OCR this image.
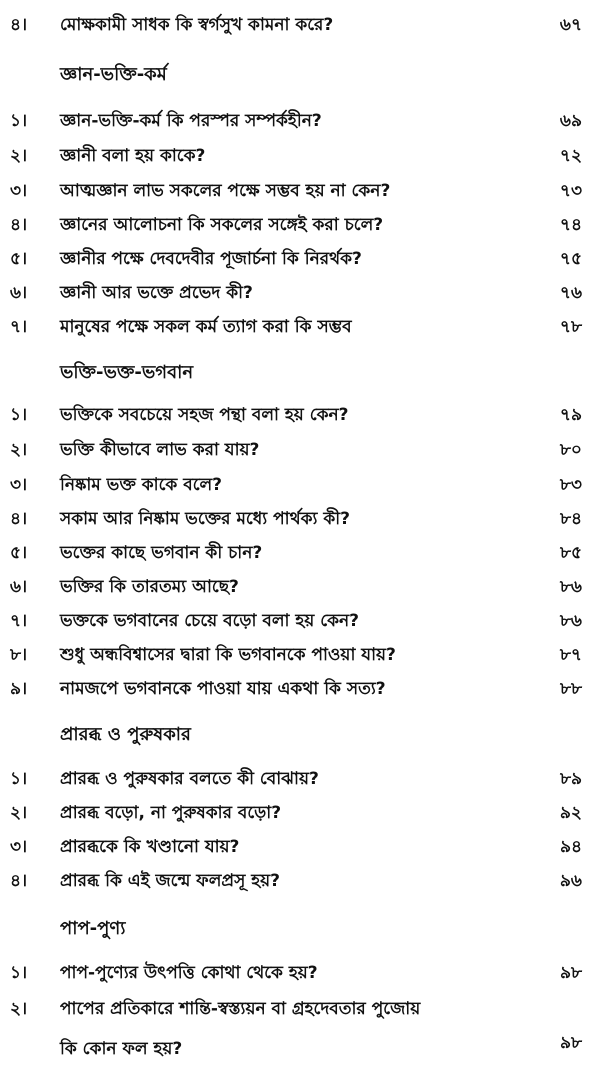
৪। মোক্ষকামী সাধক কি স্বর্গসুখ কামনা করে?	৬৭
জ্ঞান-ভক্তি-কর্ম
১। জ্ঞান-ভক্তি-কর্ম কি পরস্পর সম্পর্কহীন?	৬৯
২। জ্ঞানী বলা হয় কাকে?	৭২
৩। আত্মজ্ঞান লাভ সকলের পক্ষে সম্ভব হয় না কেন?	৭৩
৪। জ্ঞানের আলোচনা কি সকলের সঙ্গেই করা চলে?	৭৪
৫। জ্ঞানীর পক্ষে দেবদেবীর পূজার্চনা কি নিরর্থক?	৭৫
৬। জ্ঞানী আর ভক্তে প্রভেদ কী?	৭৬
৭। মানুষের পক্ষে সকল কর্ম ত্যাগ করা কি সম্ভব	৭৮
ভক্তি-ভক্ত-ভগবান
১। ভক্তিকে সবচেয়ে সহজ পন্থা বলা হয় কেন?	৭৯
২। ভক্তি কীভাবে লাভ করা যায়?	৮০
৩। নিষ্কাম ভক্ত কাকে বলে?	৮৩
৪। সকাম আর নিষ্কাম ভক্তের মধ্যে পার্থক্য কী?	৮৪
৫। ভক্তের কাছে ভগবান কী চান?	৮৫
৬। ভক্তির কি তারতম্য আছে?	৮৬
৭। ভক্তকে ভগবানের চেয়ে বড়ো বলা হয় কেন?	৮৬
৮। শুধু অন্ধবিশ্বাসের দ্বারা কি ভগবানকে পাওয়া যায়?	৮৭
৯। নামজপে ভগবানকে পাওয়া যায় একথা কি সত্য?	৮৮
প্রারব্ধ ও পুরুষকার
১। প্রারব্ধ ও পুরুষকার বলতে কী বোঝায়?	৮৯
২। প্রারব্ধ বড়ো, না পুরুষকার বড়ো?	৯২
৩। প্রারব্ধকে কি খণ্ডানো যায়?	৯৪
৪। প্রারব্ধ কি এই জন্মে ফলপ্রসূ হয়?	৯৬
পাপ-পুণ্য
১। পাপ-পুণ্যের উৎপত্তি কোথা থেকে হয়?	৯৮
২। পাপের প্রতিকারে শান্তি-স্বস্ত্যয়ন বা গ্রহদেবতার পুজোয়
কি কোন ফল হয়?	৯৮
